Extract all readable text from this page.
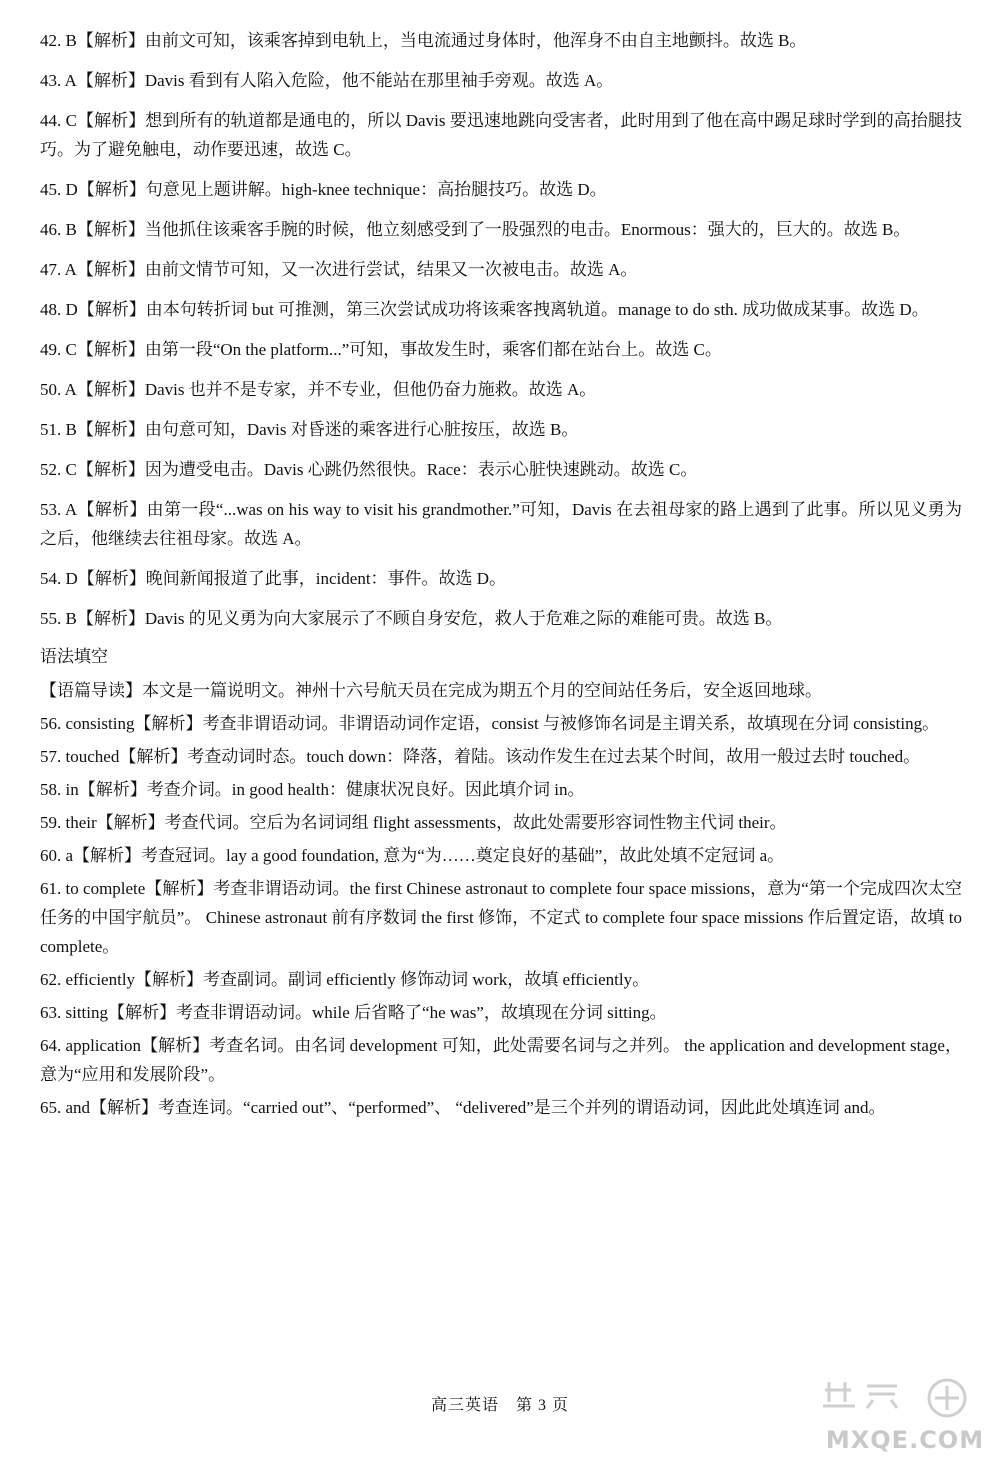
42. B【解析】由前文可知，该乘客掉到电轨上，当电流通过身体时，他浑身不由自主地颤抖。故选 B。

43. A【解析】Davis 看到有人陷入危险，他不能站在那里袖手旁观。故选 A。

44. C【解析】想到所有的轨道都是通电的，所以 Davis 要迅速地跳向受害者，此时用到了他在高中踢足球时学到的高抬腿技巧。为了避免触电，动作要迅速，故选 C。

45. D【解析】句意见上题讲解。high-knee technique：高抬腿技巧。故选 D。

46. B【解析】当他抓住该乘客手腕的时候，他立刻感受到了一股强烈的电击。Enormous：强大的，巨大的。故选 B。

47. A【解析】由前文情节可知，又一次进行尝试，结果又一次被电击。故选 A。

48. D【解析】由本句转折词 but 可推测，第三次尝试成功将该乘客拽离轨道。manage to do sth. 成功做成某事。故选 D。

49. C【解析】由第一段“On the platform...”可知，事故发生时，乘客们都在站台上。故选 C。

50. A【解析】Davis 也并不是专家，并不专业，但他仍奋力施救。故选 A。

51. B【解析】由句意可知，Davis 对昏迷的乘客进行心脏按压，故选 B。

52. C【解析】因为遭受电击。Davis 心跳仍然很快。Race：表示心脏快速跳动。故选 C。

53. A【解析】由第一段“...was on his way to visit his grandmother.”可知，Davis 在去祖母家的路上遇到了此事。所以见义勇为之后，他继续去往祖母家。故选 A。

54. D【解析】晚间新闻报道了此事，incident：事件。故选 D。

55. B【解析】Davis 的见义勇为向大家展示了不顾自身安危，救人于危难之际的难能可贵。故选 B。

语法填空

【语篇导读】本文是一篇说明文。神州十六号航天员在完成为期五个月的空间站任务后，安全返回地球。

56. consisting【解析】考查非谓语动词。非谓语动词作定语，consist 与被修饰名词是主谓关系，故填现在分词 consisting。

57. touched【解析】考查动词时态。touch down：降落，着陆。该动作发生在过去某个时间，故用一般过去时 touched。

58. in【解析】考查介词。in good health：健康状况良好。因此填介词 in。

59. their【解析】考查代词。空后为名词词组 flight assessments，故此处需要形容词性物主代词 their。

60. a【解析】考查冠词。lay a good foundation, 意为“为……奠定良好的基础”，故此处填不定冠词 a。

61. to complete【解析】考查非谓语动词。the first Chinese astronaut to complete four space missions，意为“第一个完成四次太空任务的中国宇航员”。 Chinese astronaut 前有序数词 the first 修饰，不定式 to complete four space missions 作后置定语，故填 to complete。

62. efficiently【解析】考查副词。副词 efficiently 修饰动词 work，故填 efficiently。

63. sitting【解析】考查非谓语动词。while 后省略了“he was”，故填现在分词 sitting。

64. application【解析】考查名词。由名词 development 可知，此处需要名词与之并列。 the application and development stage，意为“应用和发展阶段”。

65. and【解析】考查连词。“carried out”、“performed”、 “delivered”是三个并列的谓语动词，因此此处填连词 and。

高三英语　第 3 页
MXQE.COM
